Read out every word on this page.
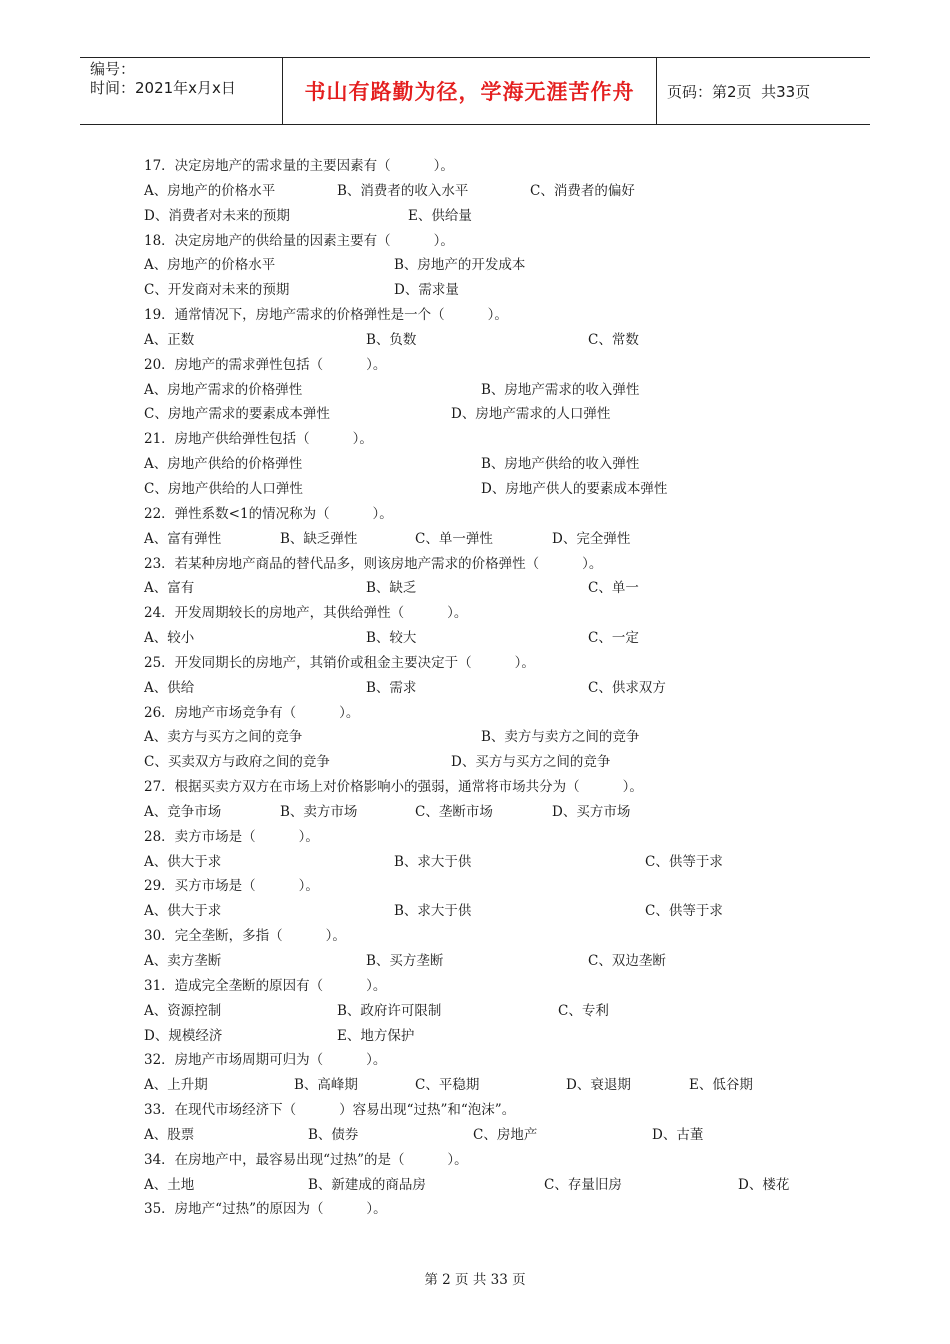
编号：
时间：2021年x月x日	书山有路勤为径，学海无涯苦作舟	页码：第2页  共33页
17．决定房地产的需求量的主要因素有（          ）。
A、房地产的价格水平	B、消费者的收入水平	C、消费者的偏好
D、消费者对未来的预期	E、供给量
18．决定房地产的供给量的因素主要有（          ）。
A、房地产的价格水平	B、房地产的开发成本
C、开发商对未来的预期	D、需求量
19．通常情况下，房地产需求的价格弹性是一个（          ）。
A、正数	B、负数	C、常数
20．房地产的需求弹性包括（          ）。
A、房地产需求的价格弹性	B、房地产需求的收入弹性
C、房地产需求的要素成本弹性	D、房地产需求的人口弹性
21．房地产供给弹性包括（          ）。
A、房地产供给的价格弹性	B、房地产供给的收入弹性
C、房地产供给的人口弹性	D、房地产供人的要素成本弹性
22．弹性系数<1的情况称为（          ）。
A、富有弹性	B、缺乏弹性	C、单一弹性	D、完全弹性
23．若某种房地产商品的替代品多，则该房地产需求的价格弹性（          ）。
A、富有	B、缺乏	C、单一
24．开发周期较长的房地产，其供给弹性（          ）。
A、较小	B、较大	C、一定
25．开发同期长的房地产，其销价或租金主要决定于（          ）。
A、供给	B、需求	C、供求双方
26．房地产市场竞争有（          ）。
A、卖方与买方之间的竞争	B、卖方与卖方之间的竞争
C、买卖双方与政府之间的竞争	D、买方与买方之间的竞争
27．根据买卖方双方在市场上对价格影响小的强弱，通常将市场共分为（          ）。
A、竞争市场	B、卖方市场	C、垄断市场	D、买方市场
28．卖方市场是（          ）。
A、供大于求	B、求大于供	C、供等于求
29．买方市场是（          ）。
A、供大于求	B、求大于供	C、供等于求
30．完全垄断，多指（          ）。
A、卖方垄断	B、买方垄断	C、双边垄断
31．造成完全垄断的原因有（          ）。
A、资源控制	B、政府许可限制	C、专利
D、规模经济	E、地方保护
32．房地产市场周期可归为（          ）。
A、上升期	B、高峰期	C、平稳期	D、衰退期	E、低谷期
33．在现代市场经济下（          ）容易出现“过热”和“泡沫”。
A、股票	B、债券	C、房地产	D、古董
34．在房地产中，最容易出现“过热”的是（          ）。
A、土地	B、新建成的商品房	C、存量旧房	D、楼花
35．房地产“过热”的原因为（          ）。
第 2 页 共 33 页
